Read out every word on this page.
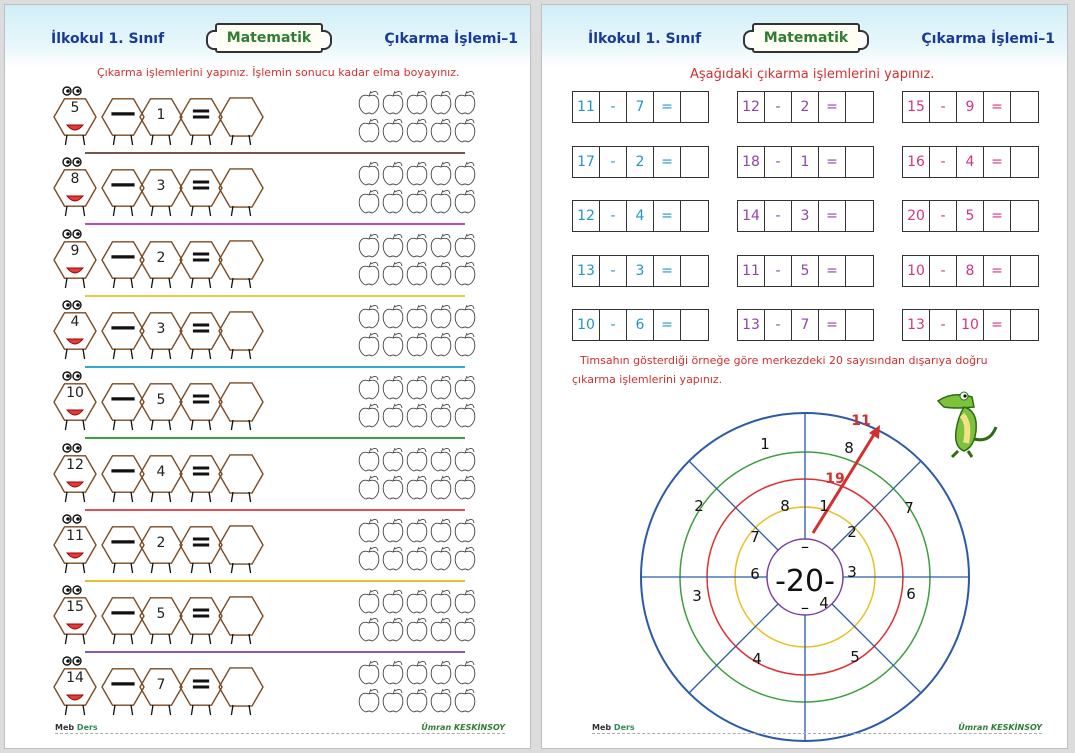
İlkokul 1. Sınıf	Matematik	Çıkarma İşlemi–1
Çıkarma işlemlerini yapınız. İşlemin sonucu kadar elma boyayınız.
5	—	1 =
8	—	3 =
9	—	2 =
4	—	3 =
10	—	5 =
12	—	4 =
11	—	2 =
15	—	5 =
14	—	7 =
Meb Ders	Ümran KESKİNSOY
İlkokul 1. Sınıf	Matematik	Çıkarma İşlemi–1
Aşağıdaki çıkarma işlemlerini yapınız.
11	-	7	=	12	-	2	=	15	-	9	=
17	-	2	=	18	-	1	=	16	-	4	=
12	-	4	=	14	-	3	=	20	-	5	=
13	-	3	=	11	-	5	=	10	-	8	=
10	-	6	=	13	-	7	=	13	-	10 =
Timsahın gösterdiği örneğe göre merkezdeki 20 sayısından dışarıya doğru
çıkarma işlemlerini yapınız.
-20-
–
–
8 1
2
3
4
6
7
1	8
2	7
3	6
4	5
19
11
Meb Ders	Ümran KESKİNSOY
